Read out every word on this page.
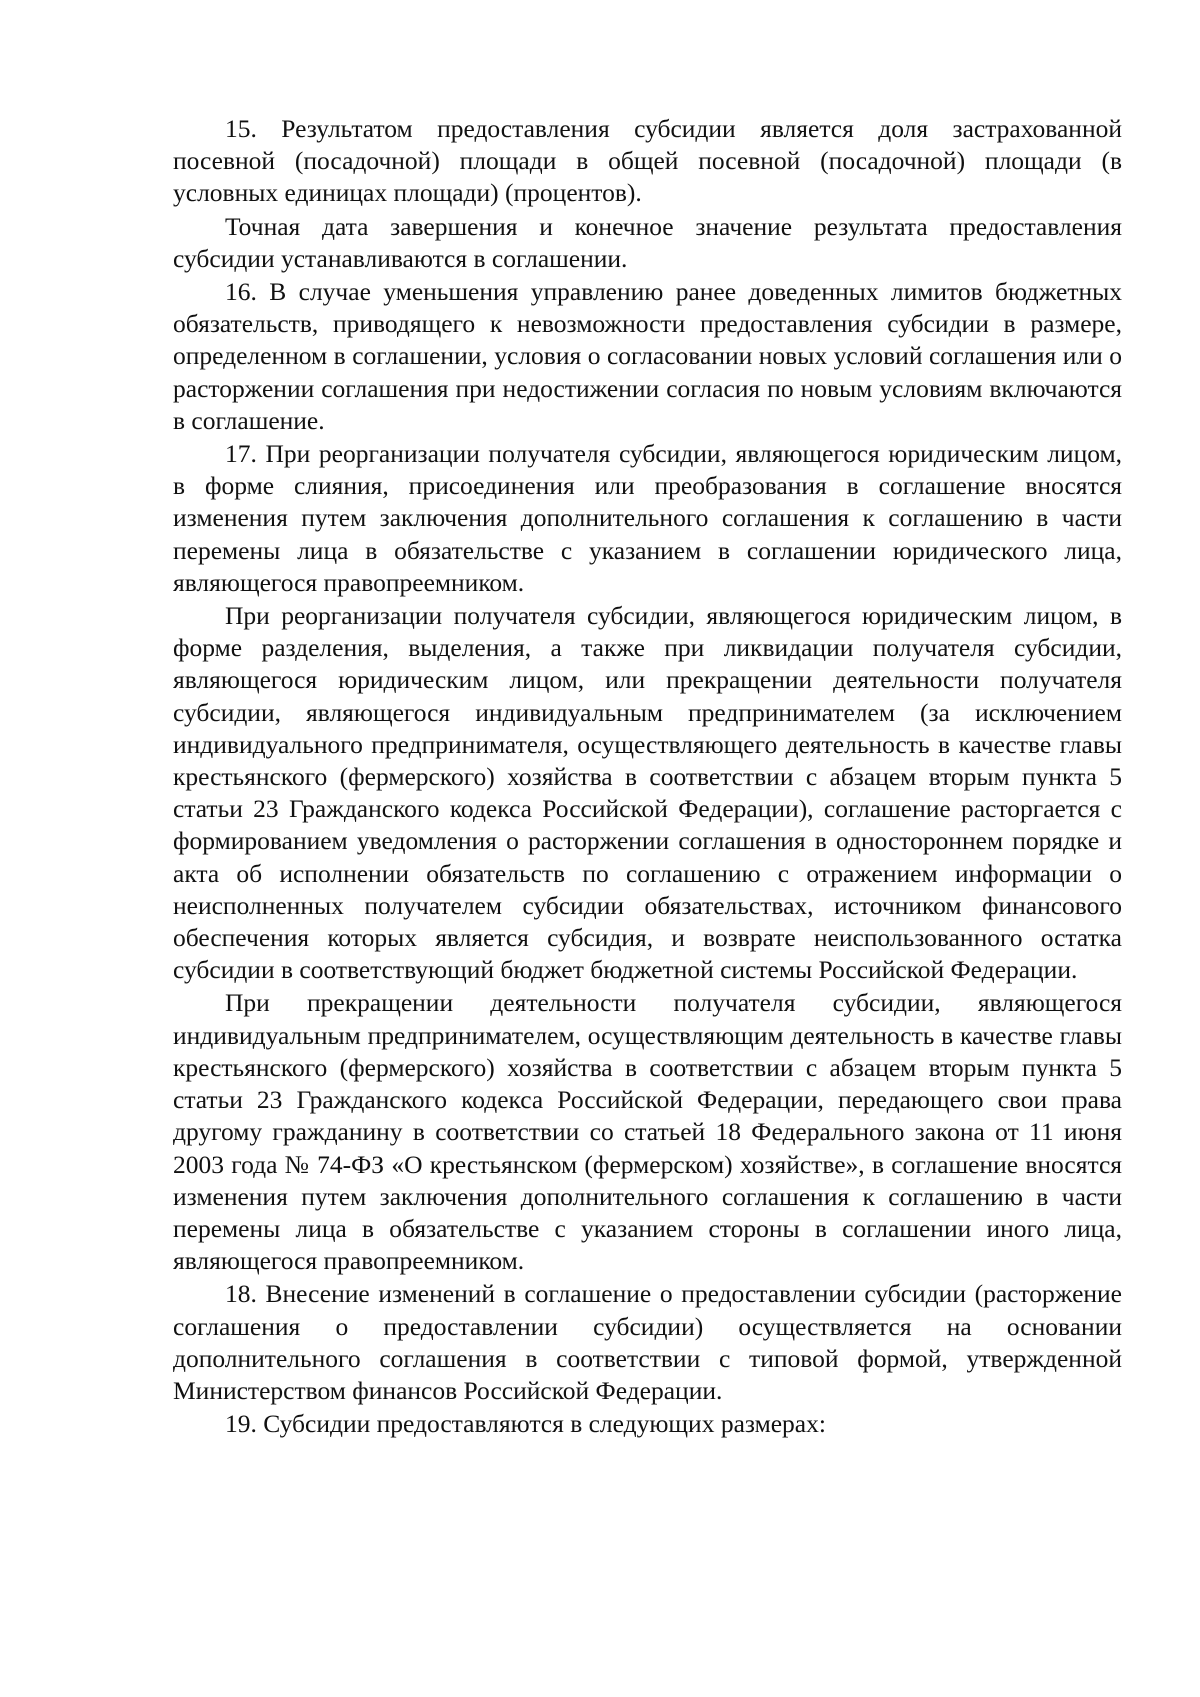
15. Результатом предоставления субсидии является доля застрахованной посевной (посадочной) площади в общей посевной (посадочной) площади (в условных единицах площади) (процентов).

Точная дата завершения и конечное значение результата предоставления субсидии устанавливаются в соглашении.

16. В случае уменьшения управлению ранее доведенных лимитов бюджетных обязательств, приводящего к невозможности предоставления субсидии в размере, определенном в соглашении, условия о согласовании новых условий соглашения или о расторжении соглашения при недостижении согласия по новым условиям включаются в соглашение.

17. При реорганизации получателя субсидии, являющегося юридическим лицом, в форме слияния, присоединения или преобразования в соглашение вносятся изменения путем заключения дополнительного соглашения к соглашению в части перемены лица в обязательстве с указанием в соглашении юридического лица, являющегося правопреемником.

При реорганизации получателя субсидии, являющегося юридическим лицом, в форме разделения, выделения, а также при ликвидации получателя субсидии, являющегося юридическим лицом, или прекращении деятельности получателя субсидии, являющегося индивидуальным предпринимателем (за исключением индивидуального предпринимателя, осуществляющего деятельность в качестве главы крестьянского (фермерского) хозяйства в соответствии с абзацем вторым пункта 5 статьи 23 Гражданского кодекса Российской Федерации), соглашение расторгается с формированием уведомления о расторжении соглашения в одностороннем порядке и акта об исполнении обязательств по соглашению с отражением информации о неисполненных получателем субсидии обязательствах, источником финансового обеспечения которых является субсидия, и возврате неиспользованного остатка субсидии в соответствующий бюджет бюджетной системы Российской Федерации.

При прекращении деятельности получателя субсидии, являющегося индивидуальным предпринимателем, осуществляющим деятельность в качестве главы крестьянского (фермерского) хозяйства в соответствии с абзацем вторым пункта 5 статьи 23 Гражданского кодекса Российской Федерации, передающего свои права другому гражданину в соответствии со статьей 18 Федерального закона от 11 июня 2003 года № 74-ФЗ «О крестьянском (фермерском) хозяйстве», в соглашение вносятся изменения путем заключения дополнительного соглашения к соглашению в части перемены лица в обязательстве с указанием стороны в соглашении иного лица, являющегося правопреемником.

18. Внесение изменений в соглашение о предоставлении субсидии (расторжение соглашения о предоставлении субсидии) осуществляется на основании дополнительного соглашения в соответствии с типовой формой, утвержденной Министерством финансов Российской Федерации.

19. Субсидии предоставляются в следующих размерах:
